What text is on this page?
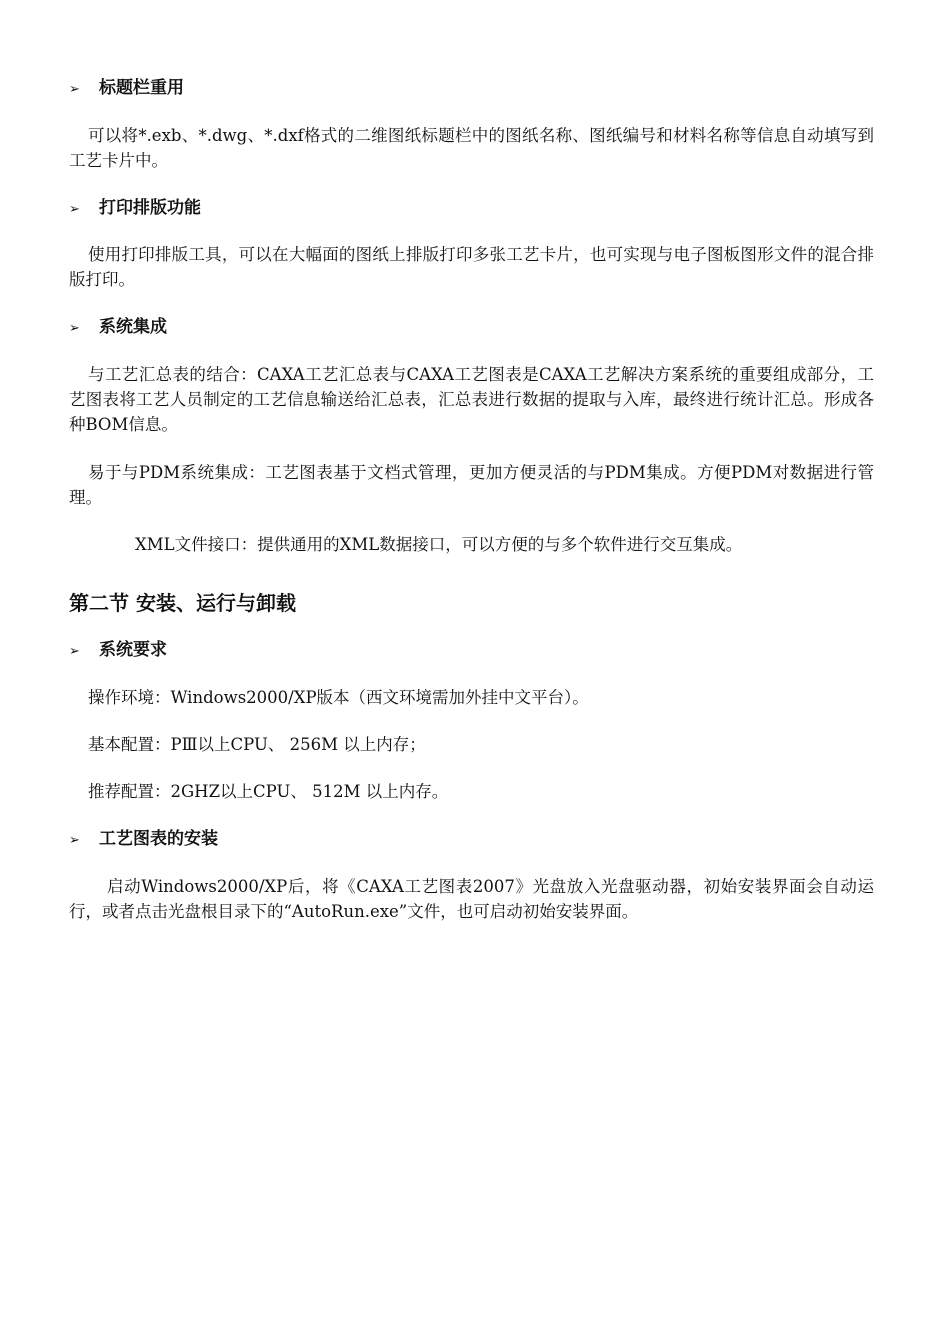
➢ 标题栏重用
可以将*.exb、*.dwg、*.dxf格式的二维图纸标题栏中的图纸名称、图纸编号和材料名称等信息自动填写到工艺卡片中。
➢ 打印排版功能
使用打印排版工具，可以在大幅面的图纸上排版打印多张工艺卡片，也可实现与电子图板图形文件的混合排版打印。
➢ 系统集成
与工艺汇总表的结合：CAXA工艺汇总表与CAXA工艺图表是CAXA工艺解决方案系统的重要组成部分，工艺图表将工艺人员制定的工艺信息输送给汇总表，汇总表进行数据的提取与入库，最终进行统计汇总。形成各种BOM信息。
易于与PDM系统集成：工艺图表基于文档式管理，更加方便灵活的与PDM集成。方便PDM对数据进行管理。
XML文件接口：提供通用的XML数据接口，可以方便的与多个软件进行交互集成。
第二节 安装、运行与卸载
➢ 系统要求
操作环境：Windows2000/XP版本（西文环境需加外挂中文平台）。
基本配置：PⅢ以上CPU、 256M 以上内存；
推荐配置：2GHZ以上CPU、 512M 以上内存。
➢ 工艺图表的安装
启动Windows2000/XP后，将《CAXA工艺图表2007》光盘放入光盘驱动器，初始安装界面会自动运行，或者点击光盘根目录下的“AutoRun.exe”文件，也可启动初始安装界面。
